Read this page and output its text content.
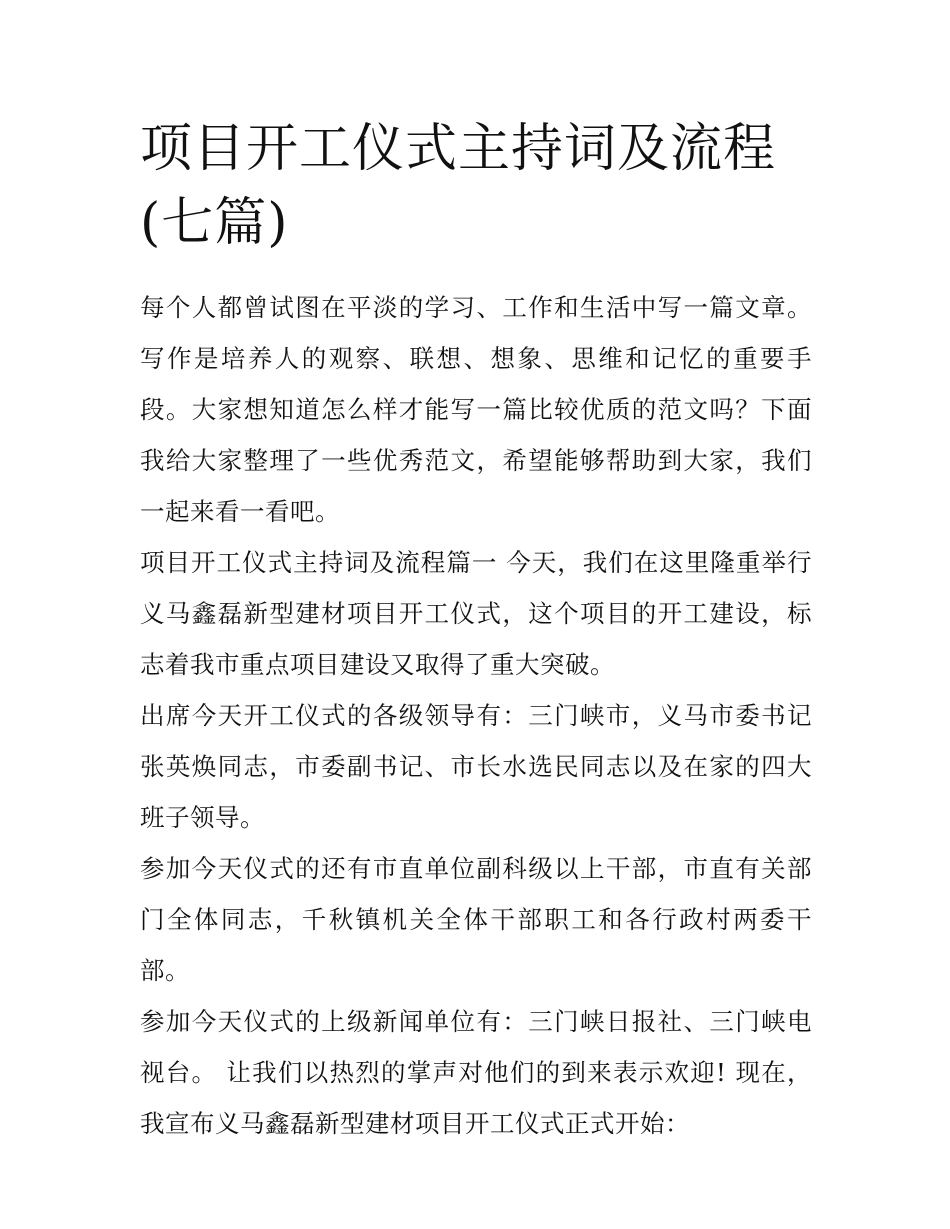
项目开工仪式主持词及流程(七篇)

每个人都曾试图在平淡的学习、工作和生活中写一篇文章。写作是培养人的观察、联想、想象、思维和记忆的重要手段。大家想知道怎么样才能写一篇比较优质的范文吗？下面我给大家整理了一些优秀范文，希望能够帮助到大家，我们一起来看一看吧。

项目开工仪式主持词及流程篇一 今天，我们在这里隆重举行义马鑫磊新型建材项目开工仪式，这个项目的开工建设，标志着我市重点项目建设又取得了重大突破。

出席今天开工仪式的各级领导有：三门峡市，义马市委书记张英焕同志，市委副书记、市长水选民同志以及在家的四大班子领导。

参加今天仪式的还有市直单位副科级以上干部，市直有关部门全体同志，千秋镇机关全体干部职工和各行政村两委干部。

参加今天仪式的上级新闻单位有：三门峡日报社、三门峡电视台。 让我们以热烈的掌声对他们的到来表示欢迎! 现在，我宣布义马鑫磊新型建材项目开工仪式正式开始：
